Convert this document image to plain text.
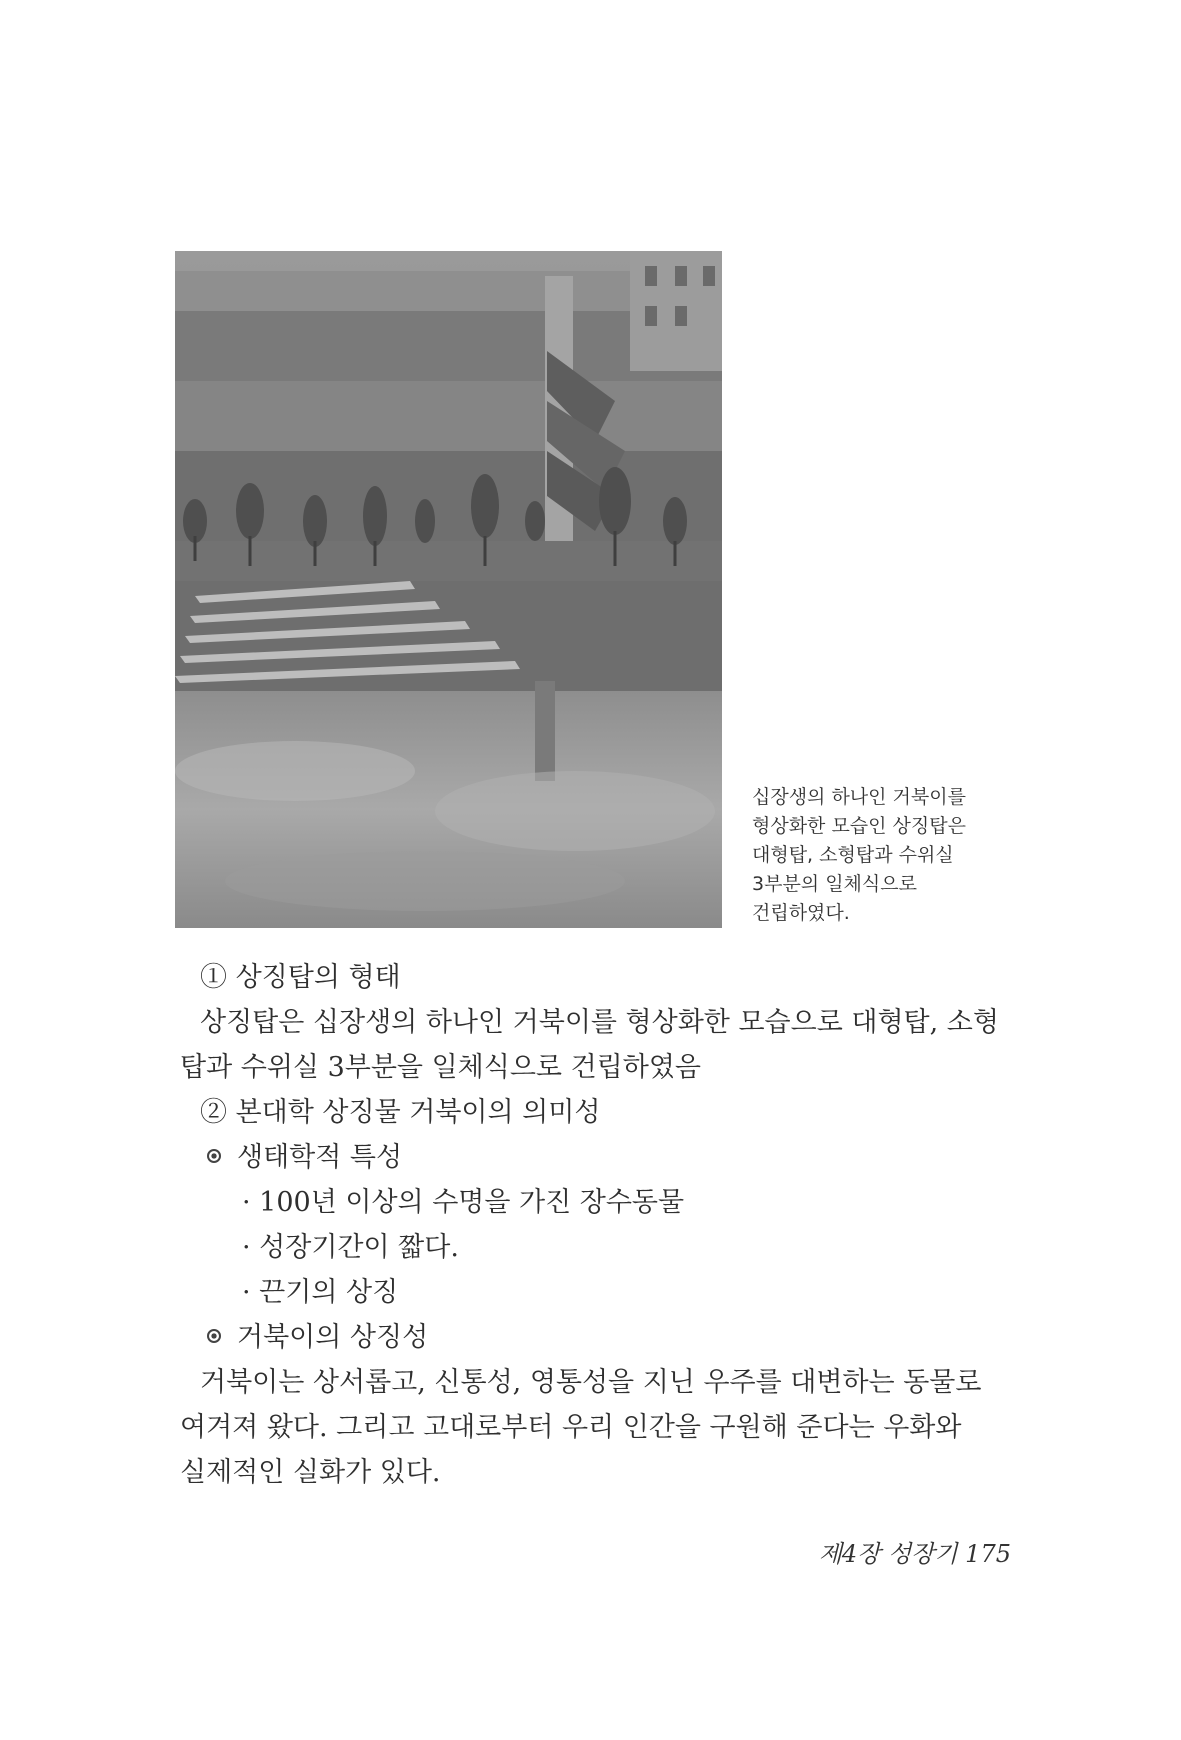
십장생의 하나인 거북이를
형상화한 모습인 상징탑은
대형탑, 소형탑과 수위실
3부분의 일체식으로
건립하였다.
① 상징탑의 형태
상징탑은 십장생의 하나인 거북이를 형상화한 모습으로 대형탑, 소형
탑과 수위실 3부분을 일체식으로 건립하였음
② 본대학 상징물 거북이의 의미성
생태학적 특성
· 100년 이상의 수명을 가진 장수동물
· 성장기간이 짧다.
· 끈기의 상징
거북이의 상징성
거북이는 상서롭고, 신통성, 영통성을 지닌 우주를 대변하는 동물로
여겨져 왔다. 그리고 고대로부터 우리 인간을 구원해 준다는 우화와
실제적인 실화가 있다.
제4장 성장기 175
